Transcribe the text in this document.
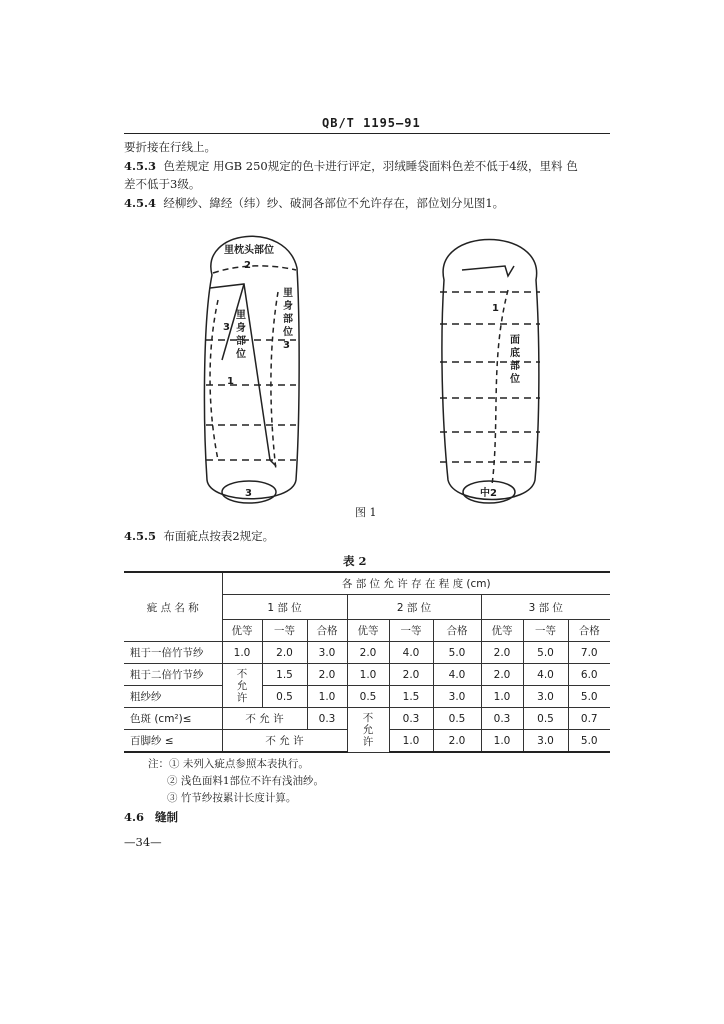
QB/T 1195—91
要折接在行线上。
4.5.3 色差规定 用GB 250规定的色卡进行评定，羽绒睡袋面料色差不低于4级，里料 色
差不低于3级。
4.5.4 经柳纱、緯经（纬）纱、破洞各部位不允许存在，部位划分见图1。
里枕头部位
2
里
身
部
位
3
里
身
部
位
3
1
3
1
面
底
部
位
中2
图 1
4.5.5 布面疵点按表2规定。
表 2
疵 点 名 称	各 部 位 允 许 存 在 程 度 (cm)								
	1 部 位			2 部 位			3 部 位		
	优等	一等	合格	优等	一等	合格	优等	一等	合格
粗于一倍竹节纱	1.0	2.0	3.0	2.0	4.0	5.0	2.0	5.0	7.0
粗于二倍竹节纱	不
允
许	1.5	2.0	1.0	2.0	4.0	2.0	4.0	6.0
粗纱纱		0.5	1.0	0.5	1.5	3.0	1.0	3.0	5.0
色斑 (cm²)≤	不 允 许		0.3	不
允
许	0.3	0.5	0.3	0.5	0.7
百脚纱 ≤	不 允 许				1.0	2.0	1.0	3.0	5.0
注：① 未列入疵点参照本表执行。
② 浅色面料1部位不许有浅油纱。
③ 竹节纱按累计长度计算。
4.6 缝制
—34—
